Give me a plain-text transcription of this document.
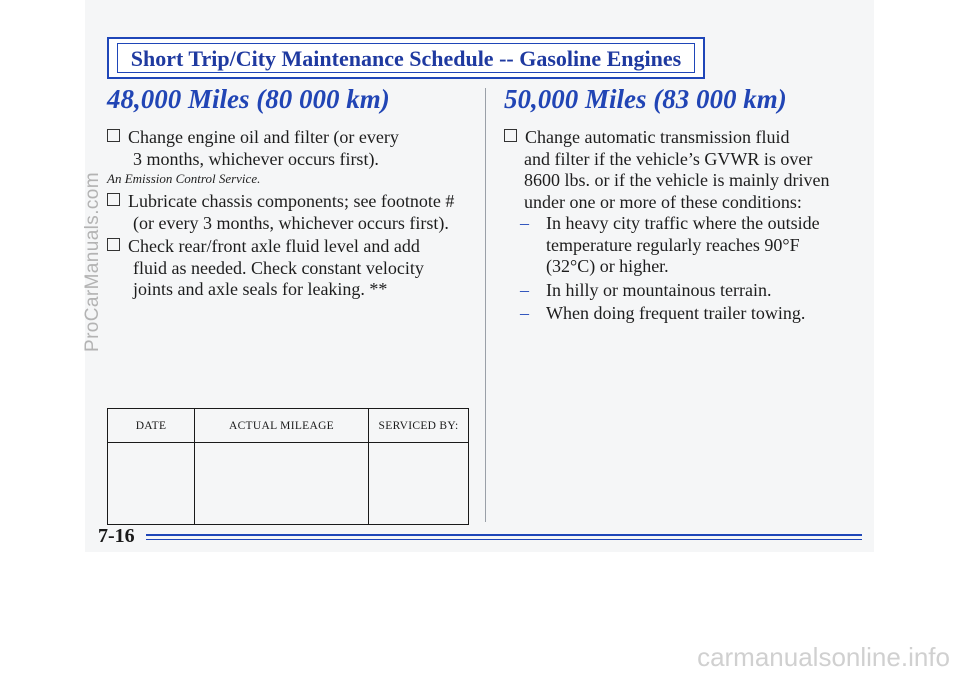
Short Trip/City Maintenance Schedule -- Gasoline Engines
48,000 Miles (80 000 km)	50,000 Miles (83 000 km)
Change engine oil and filter (or every
3 months, whichever occurs first).
An Emission Control Service.
Lubricate chassis components; see footnote #
(or every 3 months, whichever occurs first).
Check rear/front axle fluid level and add
fluid as needed. Check constant velocity
joints and axle seals for leaking. **
Change automatic transmission fluid
and filter if the vehicle’s GVWR is over
8600 lbs. or if the vehicle is mainly driven
under one or more of these conditions:
– In heavy city traffic where the outside
temperature regularly reaches 90°F
(32°C) or higher.
– In hilly or mountainous terrain.
– When doing frequent trailer towing.
DATE	ACTUAL MILEAGE	SERVICED BY:

7-16
ProCarManuals.com
carmanualsonline.info
